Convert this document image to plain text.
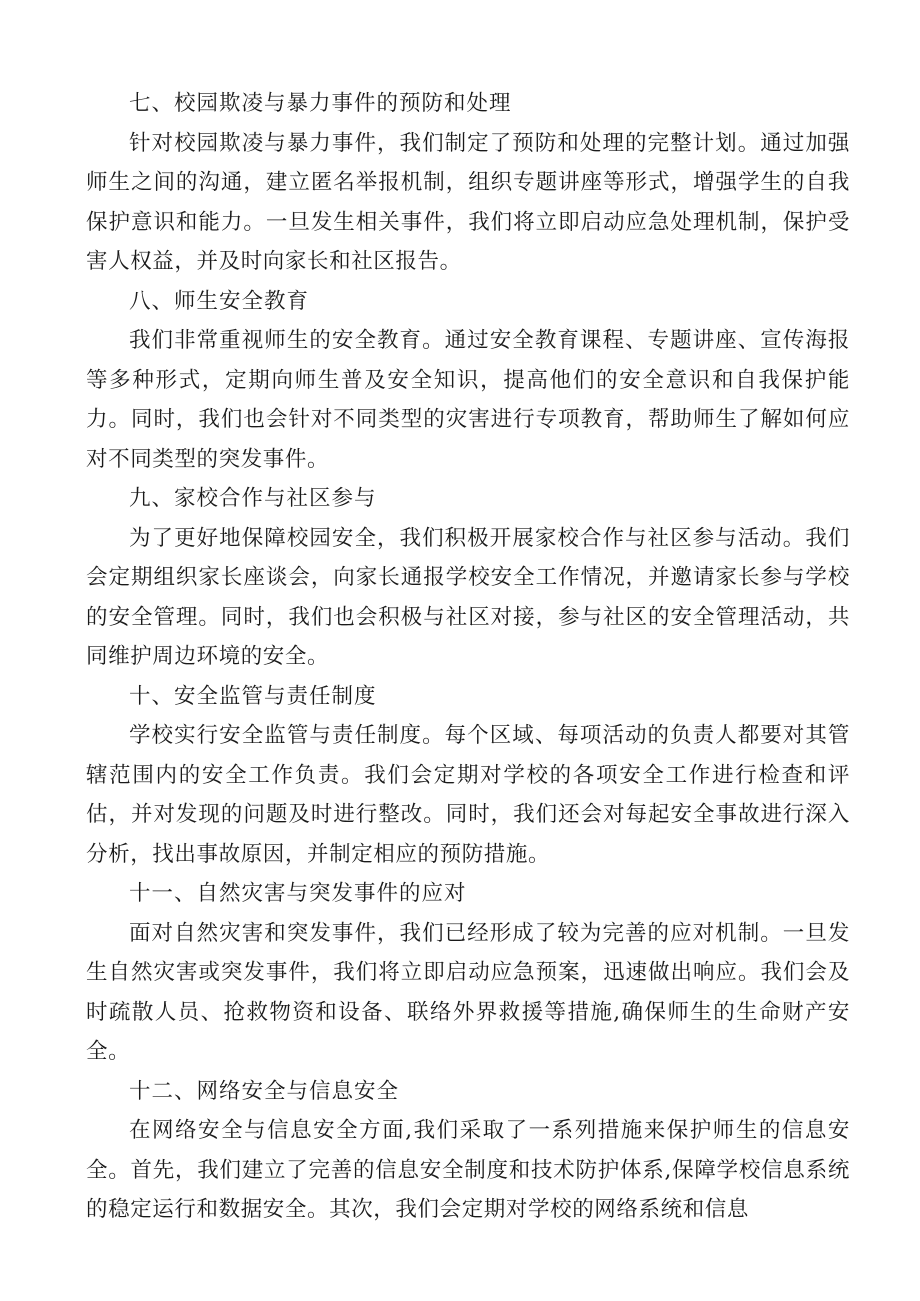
七、校园欺凌与暴力事件的预防和处理

针对校园欺凌与暴力事件，我们制定了预防和处理的完整计划。通过加强师生之间的沟通，建立匿名举报机制，组织专题讲座等形式，增强学生的自我保护意识和能力。一旦发生相关事件，我们将立即启动应急处理机制，保护受害人权益，并及时向家长和社区报告。

八、师生安全教育

我们非常重视师生的安全教育。通过安全教育课程、专题讲座、宣传海报等多种形式，定期向师生普及安全知识，提高他们的安全意识和自我保护能力。同时，我们也会针对不同类型的灾害进行专项教育，帮助师生了解如何应对不同类型的突发事件。

九、家校合作与社区参与

为了更好地保障校园安全，我们积极开展家校合作与社区参与活动。我们会定期组织家长座谈会，向家长通报学校安全工作情况，并邀请家长参与学校的安全管理。同时，我们也会积极与社区对接，参与社区的安全管理活动，共同维护周边环境的安全。

十、安全监管与责任制度

学校实行安全监管与责任制度。每个区域、每项活动的负责人都要对其管辖范围内的安全工作负责。我们会定期对学校的各项安全工作进行检查和评估，并对发现的问题及时进行整改。同时，我们还会对每起安全事故进行深入分析，找出事故原因，并制定相应的预防措施。

十一、自然灾害与突发事件的应对

面对自然灾害和突发事件，我们已经形成了较为完善的应对机制。一旦发生自然灾害或突发事件，我们将立即启动应急预案，迅速做出响应。我们会及时疏散人员、抢救物资和设备、联络外界救援等措施,确保师生的生命财产安全。

十二、网络安全与信息安全

在网络安全与信息安全方面,我们采取了一系列措施来保护师生的信息安全。首先，我们建立了完善的信息安全制度和技术防护体系,保障学校信息系统的稳定运行和数据安全。其次，我们会定期对学校的网络系统和信息
